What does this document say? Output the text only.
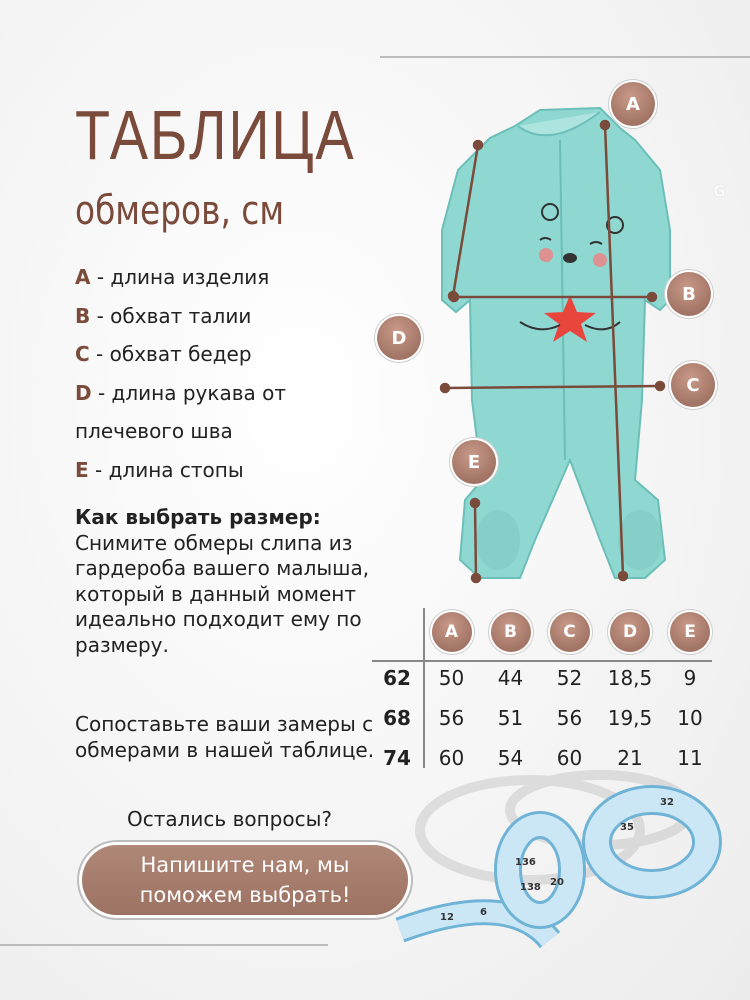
G
ТАБЛИЦА
обмеров, см
A - длина изделия
B - обхват талии
C - обхват бедер
D - длина рукава от
плечевого шва
E - длина стопы
Как выбрать размер:
Снимите обмеры слипа из гардероба вашего малыша, который в данный момент идеально подходит ему по размеру.
Сопоставьте ваши замеры с обмерами в нашей таблице.
Остались вопросы?
Напишите нам, мы поможем выбрать!
136
138 20
35
32
12	6
A
B
D
C
E

A	B	C	D	E

62	50	44	52	18,5	9
68	56	51	56	19,5	10
74	60	54	60	21	11
